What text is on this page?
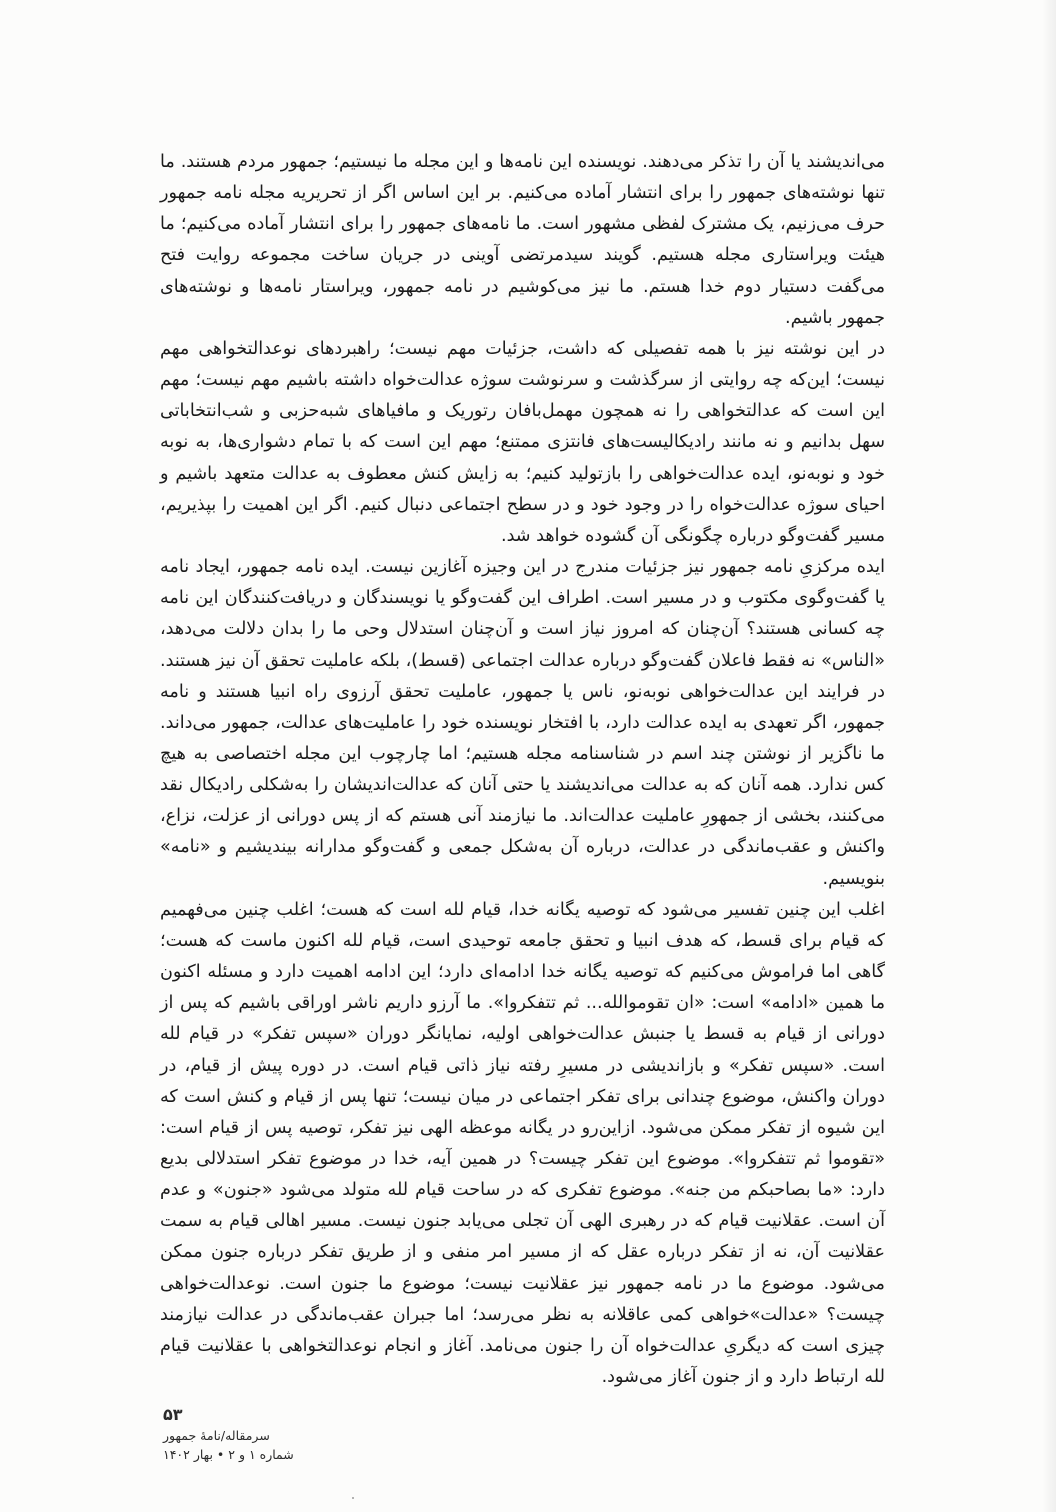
می‌اندیشند یا آن را تذکر می‌دهند. نویسنده این نامه‌ها و این مجله ما نیستیم؛ جمهور مردم هستند. ما تنها نوشته‌های جمهور را برای انتشار آماده می‌کنیم. بر این اساس اگر از تحریریه مجله نامه جمهور حرف می‌زنیم، یک مشترک لفظی مشهور است. ما نامه‌های جمهور را برای انتشار آماده می‌کنیم؛ ما هیئت ویراستاری مجله هستیم. گویند سیدمرتضی آوینی در جریان ساخت مجموعه روایت فتح می‌گفت دستیار دوم خدا هستم. ما نیز می‌کوشیم در نامه جمهور، ویراستار نامه‌ها و نوشته‌های جمهور باشیم.

در این نوشته نیز با همه تفصیلی که داشت، جزئیات مهم نیست؛ راهبردهای نوعدالتخواهی مهم نیست؛ این‌که چه روایتی از سرگذشت و سرنوشت سوژه عدالت‌خواه داشته باشیم مهم نیست؛ مهم این است که عدالتخواهی را نه همچون مهمل‌بافان رتوریک و مافیاهای شبه‌حزبی و شب‌انتخاباتی سهل بدانیم و نه مانند رادیکالیست‌های فانتزی ممتنع؛ مهم این است که با تمام دشواری‌ها، به نوبه خود و نوبه‌نو، ایده عدالت‌خواهی را بازتولید کنیم؛ به زایش کنش معطوف به عدالت متعهد باشیم و احیای سوژه عدالت‌خواه را در وجود خود و در سطح اجتماعی دنبال کنیم. اگر این اهمیت را بپذیریم، مسیر گفت‌وگو درباره چگونگی آن گشوده خواهد شد.

ایده مرکزیِ نامه جمهور نیز جزئیات مندرج در این وجیزه آغازین نیست. ایده نامه جمهور، ایجاد نامه یا گفت‌وگوی مکتوب و در مسیر است. اطراف این گفت‌وگو یا نویسندگان و دریافت‌کنندگان این نامه چه کسانی هستند؟ آن‌چنان که امروز نیاز است و آن‌چنان استدلال وحی ما را بدان دلالت می‌دهد، «الناس» نه فقط فاعلان گفت‌وگو درباره عدالت اجتماعی (قسط)، بلکه عاملیت تحقق آن نیز هستند. در فرایند این عدالت‌خواهی نوبه‌نو، ناس یا جمهور، عاملیت تحقق آرزوی راه انبیا هستند و نامه جمهور، اگر تعهدی به ایده عدالت دارد، با افتخار نویسنده خود را عاملیت‌های عدالت، جمهور می‌داند. ما ناگزیر از نوشتن چند اسم در شناسنامه مجله هستیم؛ اما چارچوب این مجله اختصاصی به هیچ کس ندارد. همه آنان که به عدالت می‌اندیشند یا حتی آنان که عدالت‌اندیشان را به‌شکلی رادیکال نقد می‌کنند، بخشی از جمهورِ عاملیت عدالت‌اند. ما نیازمند آنی هستم که از پس دورانی از عزلت، نزاع، واکنش و عقب‌ماندگی در عدالت، درباره آن به‌شکل جمعی و گفت‌وگو مدارانه بیندیشیم و «نامه» بنویسیم.

اغلب این چنین تفسیر می‌شود که توصیه یگانه خدا، قیام لله است که هست؛ اغلب چنین می‌فهمیم که قیام برای قسط، که هدف انبیا و تحقق جامعه توحیدی است، قیام لله اکنون ماست که هست؛ گاهی اما فراموش می‌کنیم که توصیه یگانه خدا ادامه‌ای دارد؛ این ادامه اهمیت دارد و مسئله اکنون ما همین «ادامه» است: «ان تقوموالله... ثم تتفکروا». ما آرزو داریم ناشر اوراقی باشیم که پس از دورانی از قیام به قسط یا جنبش عدالت‌خواهی اولیه، نمایانگر دوران «سپس تفکر» در قیام لله است. «سپس تفکر» و بازاندیشی در مسیرِ رفته نیاز ذاتی قیام است. در دوره پیش از قیام، در دوران واکنش، موضوع چندانی برای تفکر اجتماعی در میان نیست؛ تنها پس از قیام و کنش است که این شیوه از تفکر ممکن می‌شود. ازاین‌رو در یگانه موعظه الهی نیز تفکر، توصیه پس از قیام است: «تقوموا ثم تتفکروا». موضوع این تفکر چیست؟ در همین آیه، خدا در موضوع تفکر استدلالی بدیع دارد: «ما بصاحبکم من جنه». موضوع تفکری که در ساحت قیام لله متولد می‌شود «جنون» و عدم آن است. عقلانیت قیام که در رهبری الهی آن تجلی می‌یابد جنون نیست. مسیر اهالی قیام به سمت عقلانیت آن، نه از تفکر درباره عقل که از مسیر امر منفی و از طریق تفکر درباره جنون ممکن می‌شود. موضوع ما در نامه جمهور نیز عقلانیت نیست؛ موضوع ما جنون است. نوعدالت‌خواهی چیست؟ «عدالت»خواهی کمی عاقلانه به نظر می‌رسد؛ اما جبران عقب‌ماندگی در عدالت نیازمند چیزی است که دیگریِ عدالت‌خواه آن را جنون می‌نامد. آغاز و انجام نوعدالتخواهی با عقلانیت قیام لله ارتباط دارد و از جنون آغاز می‌شود.

۵۳
سرمقاله/نامهٔ جمهور
شماره ۱ و ۲ • بهار ۱۴۰۲
